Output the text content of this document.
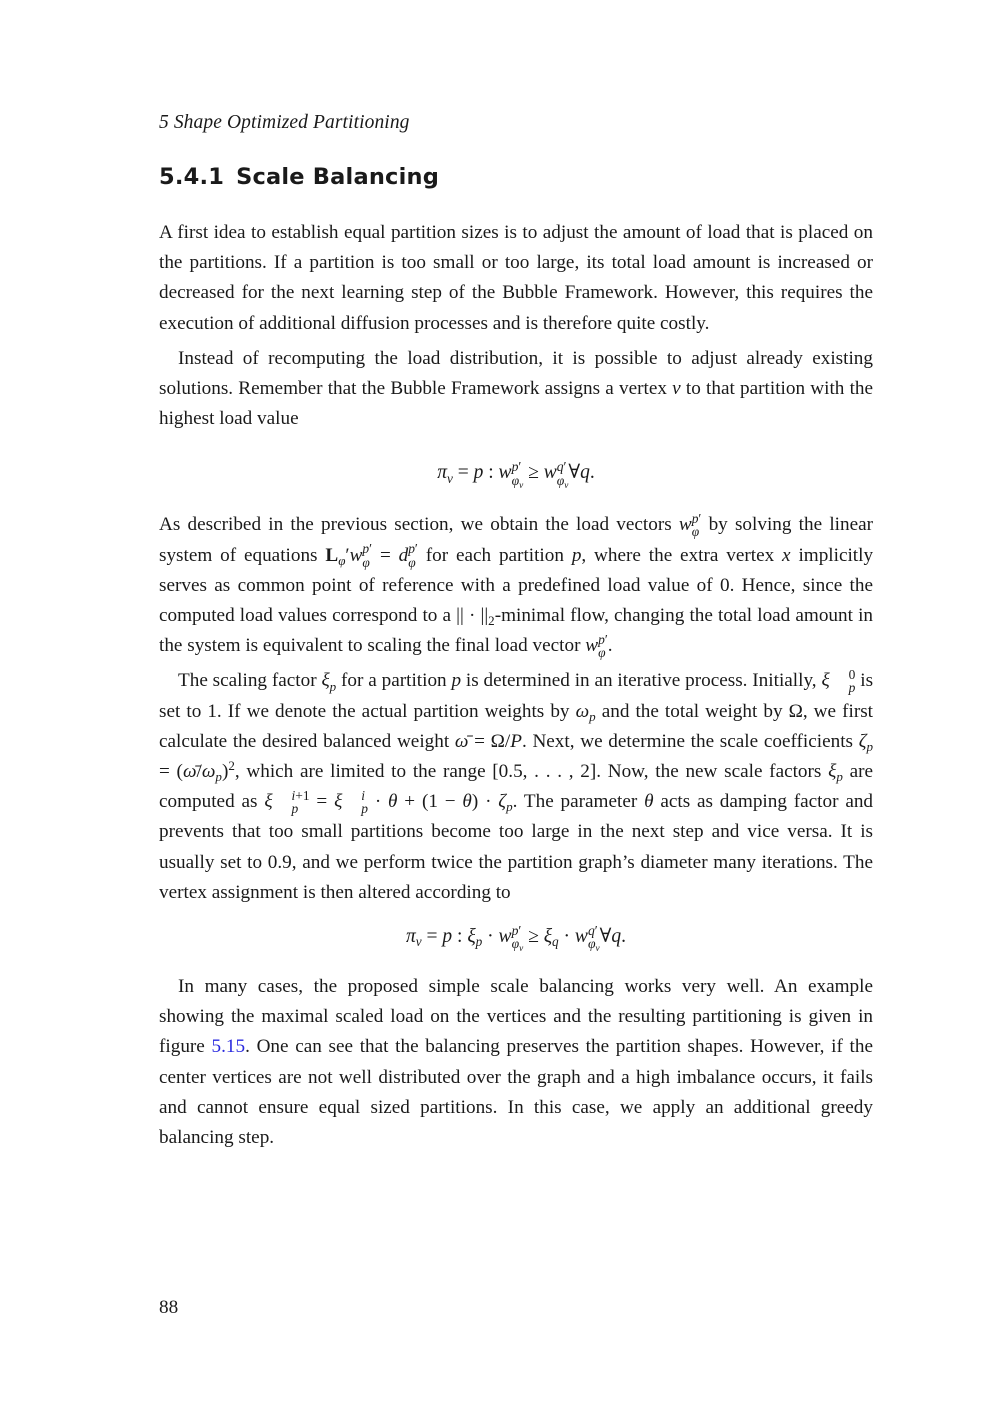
5 Shape Optimized Partitioning
5.4.1 Scale Balancing

A first idea to establish equal partition sizes is to adjust the amount of load that is placed on the partitions. If a partition is too small or too large, its total load amount is increased or decreased for the next learning step of the Bubble Framework. However, this requires the execution of additional diffusion processes and is therefore quite costly.

Instead of recomputing the load distribution, it is possible to adjust already existing solutions. Remember that the Bubble Framework assigns a vertex v to that partition with the highest load value

$\pi_v = p$ : w p′
$\varphi_v$
≥ w q′
$\varphi_v$
∀q.

As described in the previous section, we obtain the load vectors w p′
φ by solving the linear system of equations $L_\varphi'w$ p′
φ = d p′
φ for each partition p, where the extra vertex x implicitly serves as common point of reference with a predefined load value of 0. Hence, since the computed load values correspond to a || · $||_2$-minimal flow, changing the total load amount in the system is equivalent to scaling the final load vector w p′
φ .

The scaling factor $\xi_p$ for a partition p is determined in an iterative process. Initially, ξ	0
p is set to 1. If we denote the actual partition weights by $\omega_p$ and the total weight by Ω, we first calculate the desired balanced weight ω̄ = Ω/P. Next, we determine the scale coefficients $\zeta_p$ = $(\omegā/\omega_p)^2$, which are limited to the range [0.5, . . . , 2]. Now, the new scale factors $\xi_p$ are computed as ξ	i+1
p = ξ	i
$p \cdot \theta + (1 - \theta) \cdot \zeta_p$. The parameter θ acts as damping factor and prevents that too small partitions become too large in the next step and vice versa. It is usually set to 0.9, and we perform twice the partition graph’s diameter many iterations. The vertex assignment is then altered according to

$\pi_v = p$ : $\xi_p \cdot w$ p′
$\varphi_v$
≥ $\xi_q \cdot w$ q′
$\varphi_v$
∀q.

In many cases, the proposed simple scale balancing works very well. An example showing the maximal scaled load on the vertices and the resulting partitioning is given in figure 5.15. One can see that the balancing preserves the partition shapes. However, if the center vertices are not well distributed over the graph and a high imbalance occurs, it fails and cannot ensure equal sized partitions. In this case, we apply an additional greedy balancing step.

88
